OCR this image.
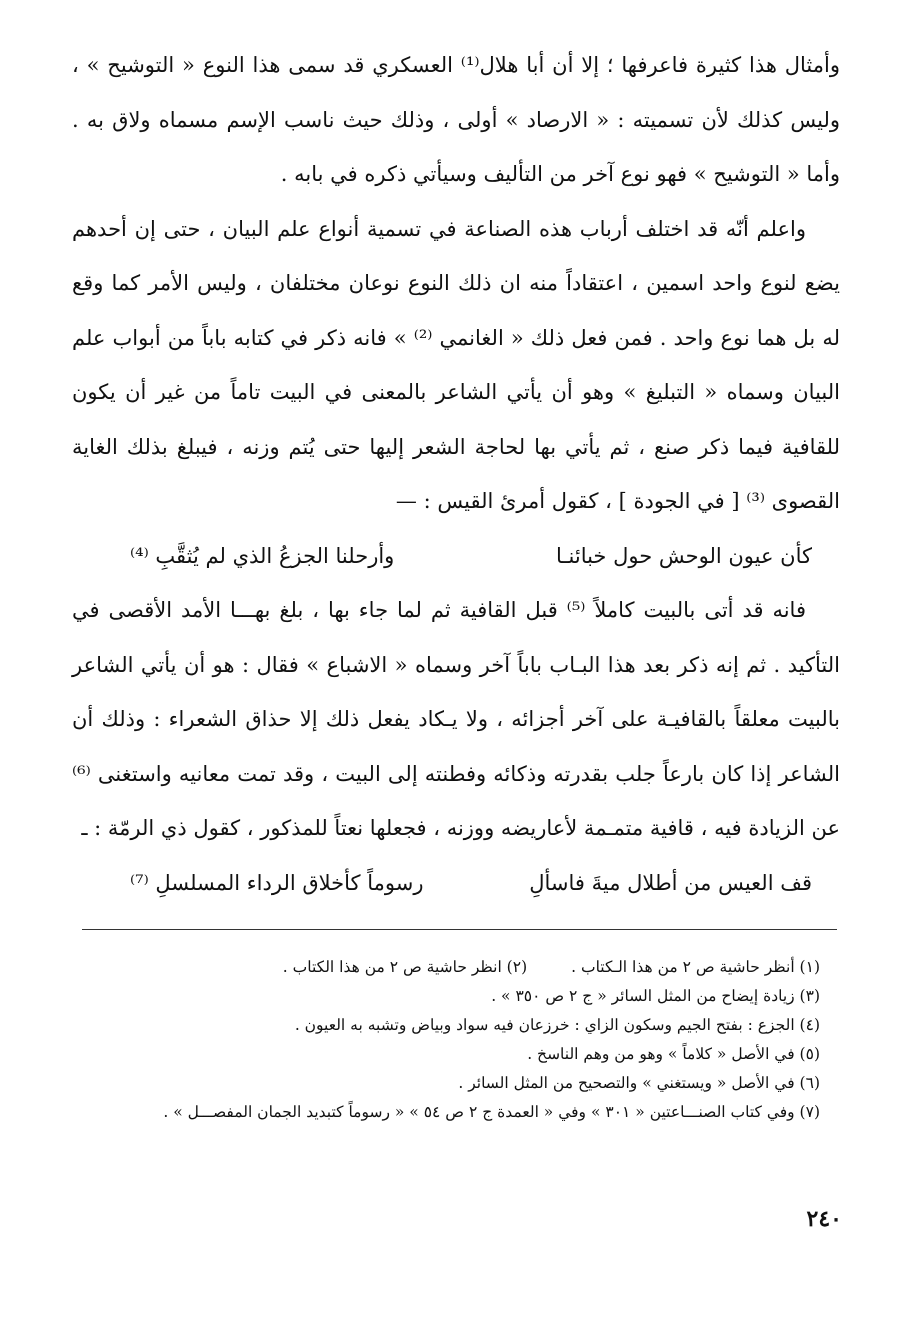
وأمثال هذا كثيرة فاعرفها ؛ إلا أن أبا هلال⁽¹⁾ العسكري قد سمى هذا النوع « التوشيح » ، وليس كذلك لأن تسميته : « الارصاد » أولى ، وذلك حيث ناسب الإسم مسماه ولاق به . وأما « التوشيح » فهو نوع آخر من التأليف وسيأتي ذكره في بابه .

واعلم أنّه قد اختلف أرباب هذه الصناعة في تسمية أنواع علم البيان ، حتى إن أحدهم يضع لنوع واحد اسمين ، اعتقاداً منه ان ذلك النوع نوعان مختلفان ، وليس الأمر كما وقع له بل هما نوع واحد . فمن فعل ذلك « الغانمي ⁽²⁾ » فانه ذكر في كتابه باباً من أبواب علم البيان وسماه « التبليغ » وهو أن يأتي الشاعر بالمعنى في البيت تاماً من غير أن يكون للقافية فيما ذكر صنع ، ثم يأتي بها لحاجة الشعر إليها حتى يُتم وزنه ، فيبلغ بذلك الغاية القصوى ⁽³⁾ [ في الجودة ] ، كقول أمرئ القيس : —

كأن عيون الوحش حول خبائنـا
وأرحلنا الجزعُ الذي لم يُثقَّبِ ⁽⁴⁾

فانه قد أتى بالبيت كاملاً ⁽⁵⁾ قبل القافية ثم لما جاء بها ، بلغ بهـــا الأمد الأقصى في التأكيد . ثم إنه ذكر بعد هذا البـاب باباً آخر وسماه « الاشباع » فقال : هو أن يأتي الشاعر بالبيت معلقاً بالقافيـة على آخر أجزائه ، ولا يـكاد يفعل ذلك إلا حذاق الشعراء : وذلك أن الشاعر إذا كان بارعاً جلب بقدرته وذكائه وفطنته إلى البيت ، وقد تمت معانيه واستغنى ⁽⁶⁾ عن الزيادة فيه ، قافية متمـمة لأعاريضه ووزنه ، فجعلها نعتاً للمذكور ، كقول ذي الرمّة : ـ

قف العيس من أطلال ميةَ فاسألِ
رسوماً كأخلاق الرداء المسلسلِ ⁽⁷⁾
(١) أنظر حاشية ص ٢ من هذا الـكتاب .
(٢) انظر حاشية ص ٢ من هذا الكتاب .
(٣) زيادة إيضاح من المثل السائر « ج ٢ ص ٣٥٠ » .
(٤) الجزع : بفتح الجيم وسكون الزاي : خرزعان فيه سواد وبياض وتشبه به العيون .
(٥) في الأصل « كلاماً » وهو من وهم الناسخ .
(٦) في الأصل « ويستغني » والتصحيح من المثل السائر .
(٧) وفي كتاب الصنـــاعتين « ٣٠١ » وفي « العمدة ج ٢ ص ٥٤ » « رسوماً كتبديد الجمان المفصـــل » .
٢٤٠
